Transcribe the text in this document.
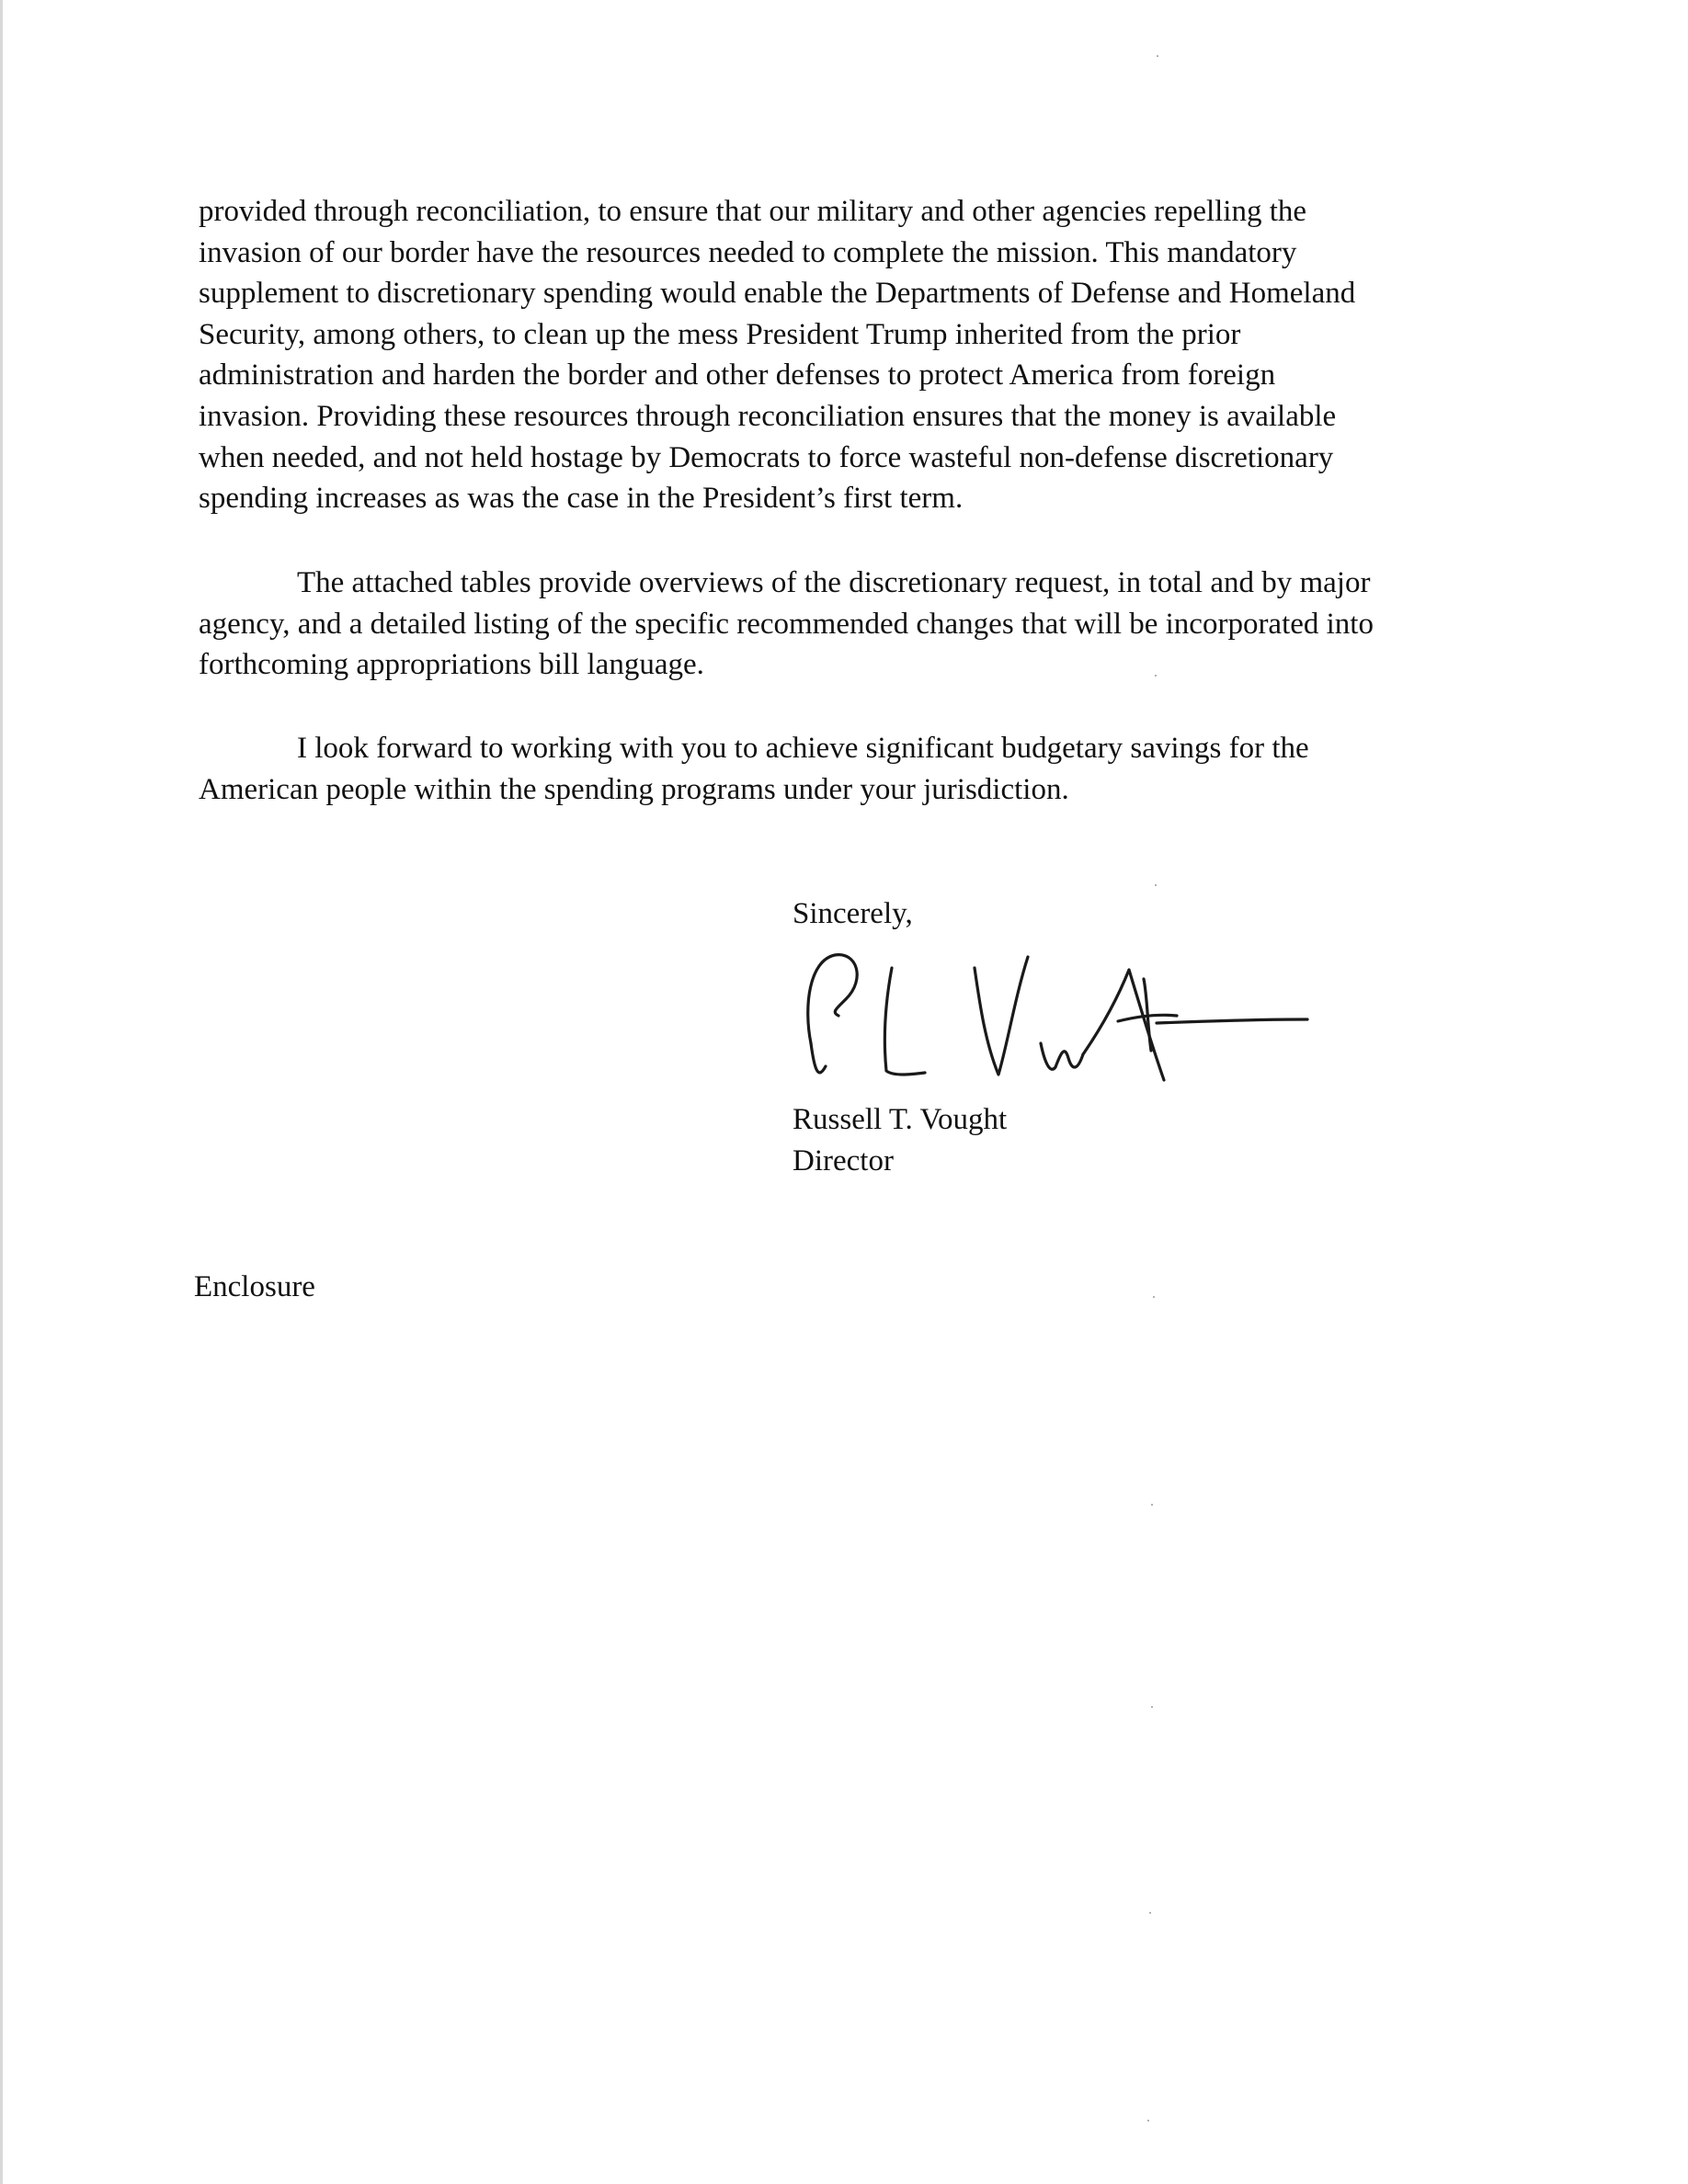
provided through reconciliation, to ensure that our military and other agencies repelling the
invasion of our border have the resources needed to complete the mission. This mandatory
supplement to discretionary spending would enable the Departments of Defense and Homeland
Security, among others, to clean up the mess President Trump inherited from the prior
administration and harden the border and other defenses to protect America from foreign
invasion. Providing these resources through reconciliation ensures that the money is available
when needed, and not held hostage by Democrats to force wasteful non-defense discretionary
spending increases as was the case in the President’s first term.

The attached tables provide overviews of the discretionary request, in total and by major
agency, and a detailed listing of the specific recommended changes that will be incorporated into
forthcoming appropriations bill language.

I look forward to working with you to achieve significant budgetary savings for the
American people within the spending programs under your jurisdiction.

Sincerely,

Russell T. Vought
Director

Enclosure
